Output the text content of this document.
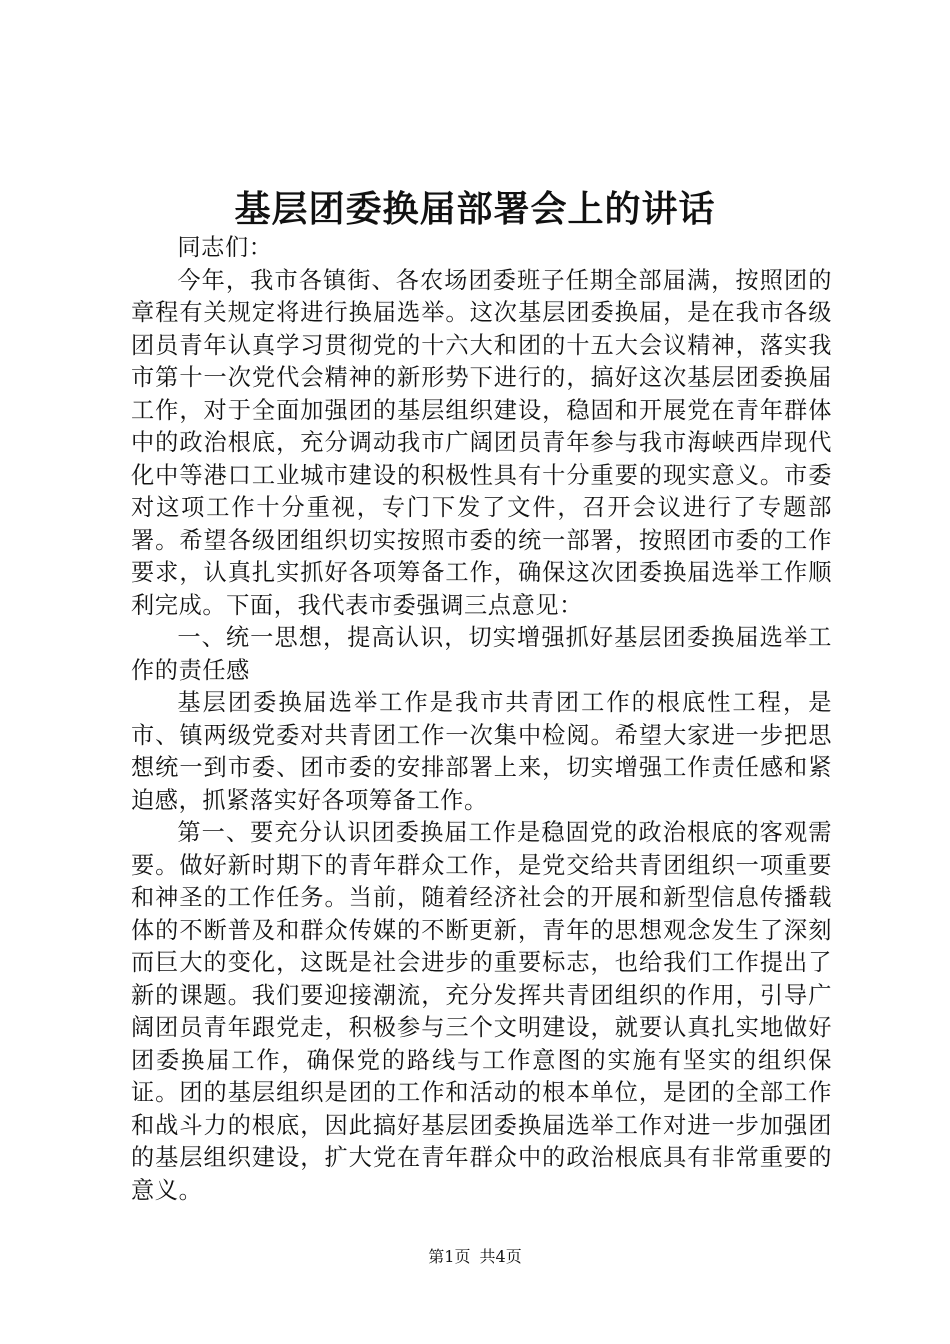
基层团委换届部署会上的讲话

同志们：

今年，我市各镇街、各农场团委班子任期全部届满，按照团的章程有关规定将进行换届选举。这次基层团委换届，是在我市各级团员青年认真学习贯彻党的十六大和团的十五大会议精神，落实我市第十一次党代会精神的新形势下进行的，搞好这次基层团委换届工作，对于全面加强团的基层组织建设，稳固和开展党在青年群体中的政治根底，充分调动我市广阔团员青年参与我市海峡西岸现代化中等港口工业城市建设的积极性具有十分重要的现实意义。市委对这项工作十分重视，专门下发了文件，召开会议进行了专题部署。希望各级团组织切实按照市委的统一部署，按照团市委的工作要求，认真扎实抓好各项筹备工作，确保这次团委换届选举工作顺利完成。下面，我代表市委强调三点意见：

一、统一思想，提高认识，切实增强抓好基层团委换届选举工作的责任感

基层团委换届选举工作是我市共青团工作的根底性工程，是市、镇两级党委对共青团工作一次集中检阅。希望大家进一步把思想统一到市委、团市委的安排部署上来，切实增强工作责任感和紧迫感，抓紧落实好各项筹备工作。

第一、要充分认识团委换届工作是稳固党的政治根底的客观需要。做好新时期下的青年群众工作，是党交给共青团组织一项重要和神圣的工作任务。当前，随着经济社会的开展和新型信息传播载体的不断普及和群众传媒的不断更新，青年的思想观念发生了深刻而巨大的变化，这既是社会进步的重要标志，也给我们工作提出了新的课题。我们要迎接潮流，充分发挥共青团组织的作用，引导广阔团员青年跟党走，积极参与三个文明建设，就要认真扎实地做好团委换届工作，确保党的路线与工作意图的实施有坚实的组织保证。团的基层组织是团的工作和活动的根本单位，是团的全部工作和战斗力的根底，因此搞好基层团委换届选举工作对进一步加强团的基层组织建设，扩大党在青年群众中的政治根底具有非常重要的意义。

第1页 共4页
